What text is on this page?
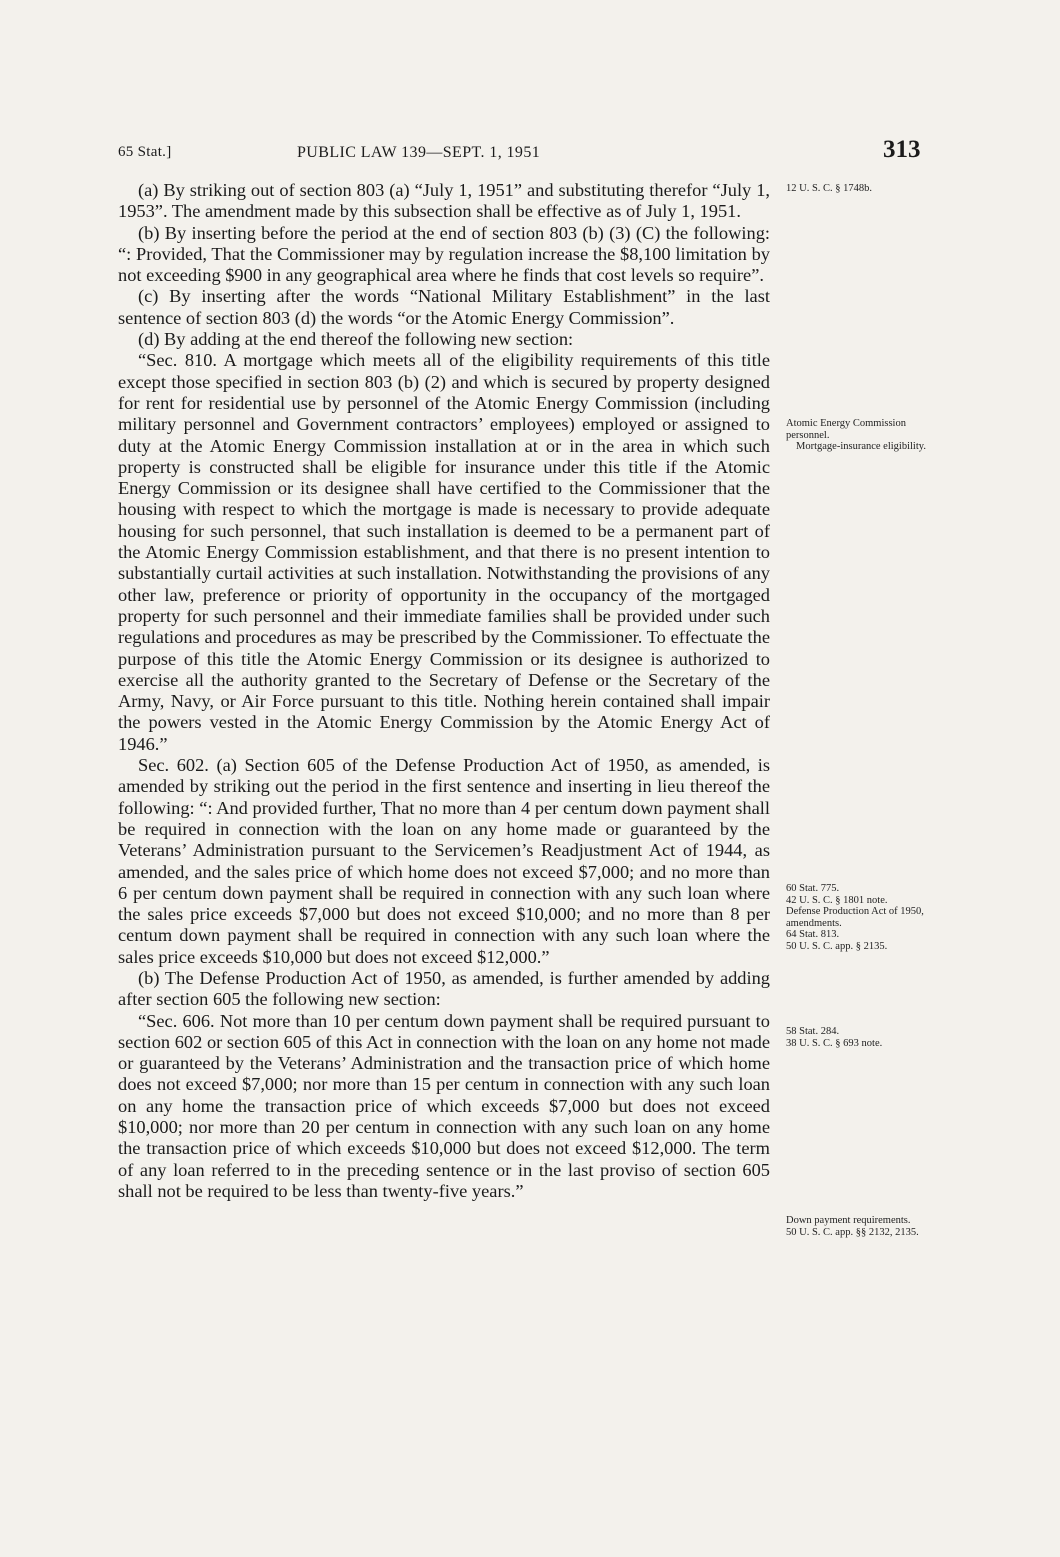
65 Stat.]	PUBLIC LAW 139—SEPT. 1, 1951	313

(a) By striking out of section 803 (a) “July 1, 1951” and substituting therefor “July 1, 1953”. The amendment made by this subsection shall be effective as of July 1, 1951.

(b) By inserting before the period at the end of section 803 (b) (3) (C) the following: “: Provided, That the Commissioner may by regulation increase the $8,100 limitation by not exceeding $900 in any geographical area where he finds that cost levels so require”.

(c) By inserting after the words “National Military Establishment” in the last sentence of section 803 (d) the words “or the Atomic Energy Commission”.

(d) By adding at the end thereof the following new section:

“Sec. 810. A mortgage which meets all of the eligibility requirements of this title except those specified in section 803 (b) (2) and which is secured by property designed for rent for residential use by personnel of the Atomic Energy Commission (including military personnel and Government contractors’ employees) employed or assigned to duty at the Atomic Energy Commission installation at or in the area in which such property is constructed shall be eligible for insurance under this title if the Atomic Energy Commission or its designee shall have certified to the Commissioner that the housing with respect to which the mortgage is made is necessary to provide adequate housing for such personnel, that such installation is deemed to be a permanent part of the Atomic Energy Commission establishment, and that there is no present intention to substantially curtail activities at such installation. Notwithstanding the provisions of any other law, preference or priority of opportunity in the occupancy of the mortgaged property for such personnel and their immediate families shall be provided under such regulations and procedures as may be prescribed by the Commissioner. To effectuate the purpose of this title the Atomic Energy Commission or its designee is authorized to exercise all the authority granted to the Secretary of Defense or the Secretary of the Army, Navy, or Air Force pursuant to this title. Nothing herein contained shall impair the powers vested in the Atomic Energy Commission by the Atomic Energy Act of 1946.”

Sec. 602. (a) Section 605 of the Defense Production Act of 1950, as amended, is amended by striking out the period in the first sentence and inserting in lieu thereof the following: “: And provided further, That no more than 4 per centum down payment shall be required in connection with the loan on any home made or guaranteed by the Veterans’ Administration pursuant to the Servicemen’s Readjustment Act of 1944, as amended, and the sales price of which home does not exceed $7,000; and no more than 6 per centum down payment shall be required in connection with any such loan where the sales price exceeds $7,000 but does not exceed $10,000; and no more than 8 per centum down payment shall be required in connection with any such loan where the sales price exceeds $10,000 but does not exceed $12,000.”

(b) The Defense Production Act of 1950, as amended, is further amended by adding after section 605 the following new section:

“Sec. 606. Not more than 10 per centum down payment shall be required pursuant to section 602 or section 605 of this Act in connection with the loan on any home not made or guaranteed by the Veterans’ Administration and the transaction price of which home does not exceed $7,000; nor more than 15 per centum in connection with any such loan on any home the transaction price of which exceeds $7,000 but does not exceed $10,000; nor more than 20 per centum in connection with any such loan on any home the transaction price of which exceeds $10,000 but does not exceed $12,000. The term of any loan referred to in the preceding sentence or in the last proviso of section 605 shall not be required to be less than twenty-five years.”

12 U. S. C. § 1748b.
Atomic Energy Commission personnel.
Mortgage-insurance eligibility.
60 Stat. 775.
42 U. S. C. § 1801 note.
Defense Production Act of 1950, amendments.
64 Stat. 813.
50 U. S. C. app. § 2135.
58 Stat. 284.
38 U. S. C. § 693 note.
Down payment requirements.
50 U. S. C. app. §§ 2132, 2135.
